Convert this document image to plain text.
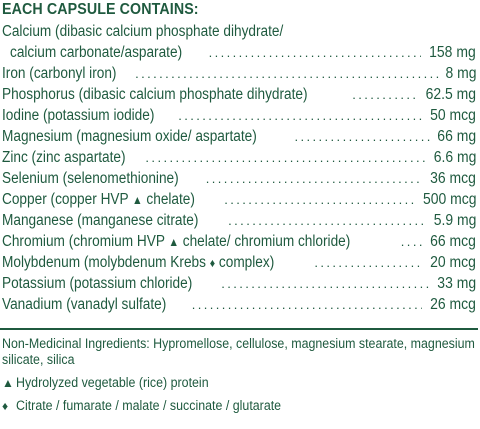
EACH CAPSULE CONTAINS:
Calcium (dibasic calcium phosphate dihydrate/
calcium carbonate/asparate) .....	158 mg
Iron (carbonyl iron) .....	8 mg
Phosphorus (dibasic calcium phosphate dihydrate) .....	62.5 mg
Iodine (potassium iodide) .....	50 mcg
Magnesium (magnesium oxide/ aspartate) .....	66 mg
Zinc (zinc aspartate) .....	6.6 mg
Selenium (selenomethionine) .....	36 mcg
Copper (copper HVP ▲ chelate) .....	500 mcg
Manganese (manganese citrate) .....	5.9 mg
Chromium (chromium HVP ▲ chelate/ chromium chloride) .....	66 mcg
Molybdenum (molybdenum Krebs ♦ complex) .....	20 mcg
Potassium (potassium chloride) .....	33 mg
Vanadium (vanadyl sulfate) .....	26 mcg
Non-Medicinal Ingredients: Hypromellose, cellulose, magnesium stearate, magnesium silicate, silica
▲ Hydrolyzed vegetable (rice) protein
♦ Citrate / fumarate / malate / succinate / glutarate
